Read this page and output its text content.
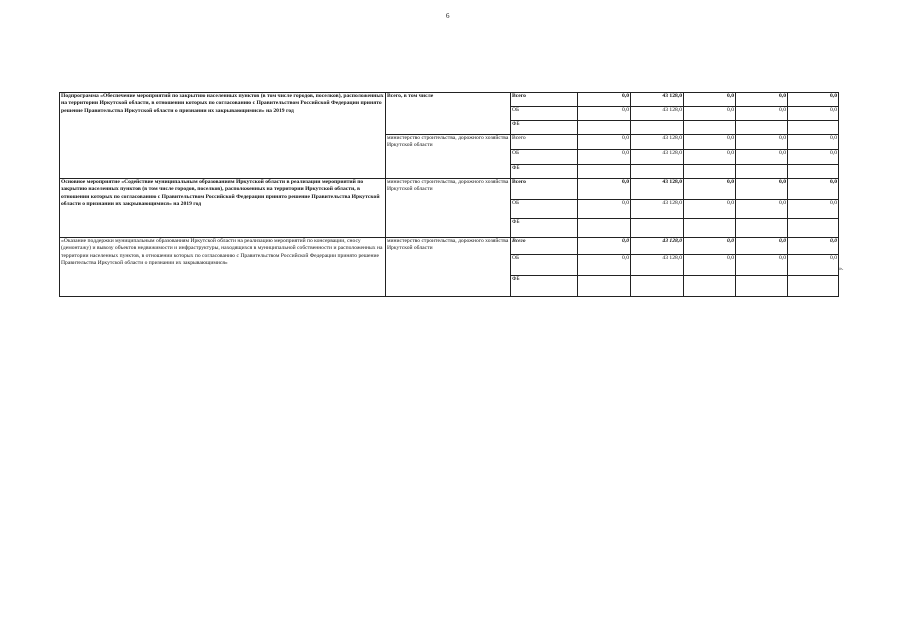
6
Подпрограмма «Обеспечение мероприятий по закрытию населенных пунктов (в том числе городов, поселков), расположенных на территории Иркутской области, в отношении которых по согласованию с Правительством Российской Федерации принято решение Правительства Иркутской области о признании их закрывающимися» на 2019 год	Всего, в том числе	Всего	0,0	43 128,0	0,0	0,0	0,0
		ОБ	0,0	43 128,0	0,0	0,0	0,0
		ФБ					
	министерство строительства, дорожного хозяйства Иркутской области	Всего	0,0	43 128,0	0,0	0,0	0,0
		ОБ	0,0	43 128,0	0,0	0,0	0,0
		ФБ					
Основное мероприятие «Содействие муниципальным образованиям Иркутской области в реализации мероприятий по закрытию населенных пунктов (в том числе городов, поселков), расположенных на территории Иркутской области, в отношении которых по согласованию с Правительством Российской Федерации принято решение Правительства Иркутской области о признании их закрывающимися» на 2019 год	министерство строительства, дорожного хозяйства Иркутской области	Всего	0,0	43 128,0	0,0	0,0	0,0
		ОБ	0,0	43 128,0	0,0	0,0	0,0
		ФБ					
«Оказание поддержки муниципальным образованиям Иркутской области на реализацию мероприятий по консервации, сносу (демонтажу) и вывозу объектов недвижимости и инфраструктуры, находящихся в муниципальной собственности и расположенных на территории населенных пунктов, в отношении которых по согласованию с Правительством Российской Федерации принято решение Правительства Иркутской области о признании их закрывающимися»	министерство строительства, дорожного хозяйства Иркутской области	Всего	0,0	43 128,0	0,0	0,0	0,0
		ОБ	0,0	43 128,0	0,0	0,0	0,0
		ФБ					
».
